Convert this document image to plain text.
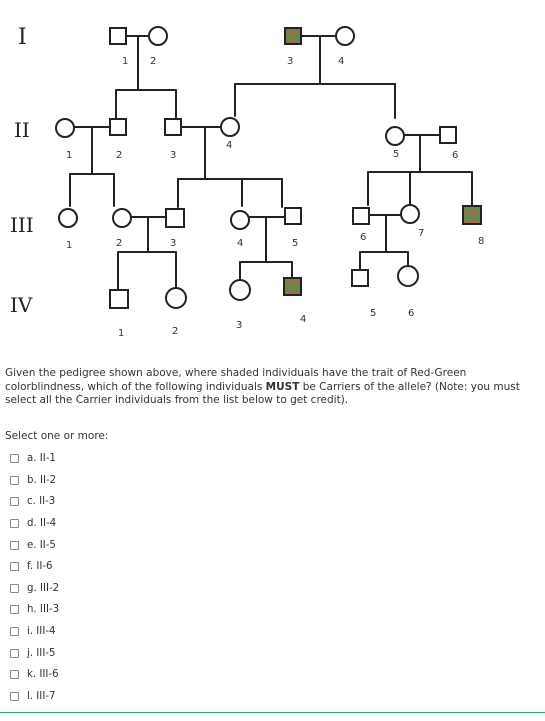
I
II
III
IV
1 2	3	4
1	2	3
4
5	6
1	2	3	4	5
6	7
8
1	2
3
4
5	6
Given the pedigree shown above, where shaded individuals have the trait of Red-Green colorblindness, which of the following individuals MUST be Carriers of the allele? (Note: you must select all the Carrier individuals from the list below to get credit).
Select one or more:
a. II-1
b. II-2
c. II-3
d. II-4
e. II-5
f. II-6
g. III-2
h. III-3
i. III-4
j. III-5
k. III-6
l. III-7
